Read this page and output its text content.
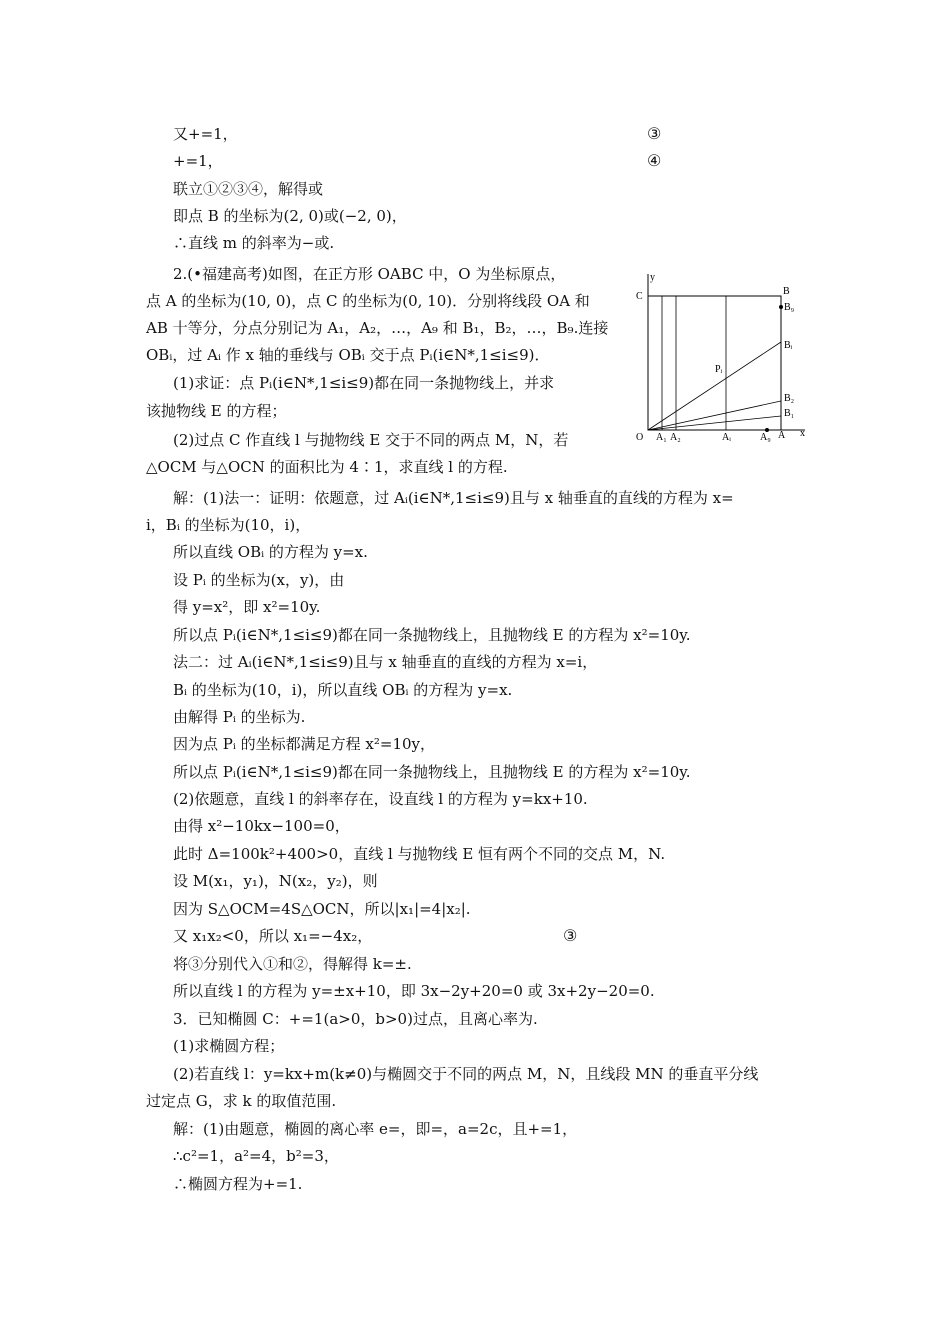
又+=1，	③
+=1，	④
联立①②③④，解得或
即点 B 的坐标为(2, 0)或(−2, 0)，
∴直线 m 的斜率为−或.
2.(•福建高考)如图，在正方形 OABC 中，O 为坐标原点，
点 A 的坐标为(10, 0)，点 C 的坐标为(0, 10)．分别将线段 OA 和
AB 十等分，分点分别记为 A₁，A₂，…，A₉ 和 B₁，B₂，…，B₉.连接
OBᵢ，过 Aᵢ 作 x 轴的垂线与 OBᵢ 交于点 Pᵢ(i∈N*,1≤i≤9)．
(1)求证：点 Pᵢ(i∈N*,1≤i≤9)都在同一条抛物线上，并求
该抛物线 E 的方程；
(2)过点 C 作直线 l 与抛物线 E 交于不同的两点 M，N，若
△OCM 与△OCN 的面积比为 4∶1，求直线 l 的方程.
y
x
C	B
B₉
Bᵢ
Pᵢ
B₂
B₁
O A₁ A₂	Aᵢ	A₉ A
解：(1)法一：证明：依题意，过 Aᵢ(i∈N*,1≤i≤9)且与 x 轴垂直的直线的方程为 x=
i，Bᵢ 的坐标为(10，i)，
所以直线 OBᵢ 的方程为 y=x.
设 Pᵢ 的坐标为(x，y)，由
得 y=x²，即 x²=10y.
所以点 Pᵢ(i∈N*,1≤i≤9)都在同一条抛物线上，且抛物线 E 的方程为 x²=10y.
法二：过 Aᵢ(i∈N*,1≤i≤9)且与 x 轴垂直的直线的方程为 x=i，
Bᵢ 的坐标为(10，i)，所以直线 OBᵢ 的方程为 y=x.
由解得 Pᵢ 的坐标为.
因为点 Pᵢ 的坐标都满足方程 x²=10y，
所以点 Pᵢ(i∈N*,1≤i≤9)都在同一条抛物线上，且抛物线 E 的方程为 x²=10y.
(2)依题意，直线 l 的斜率存在，设直线 l 的方程为 y=kx+10.
由得 x²−10kx−100=0，
此时 Δ=100k²+400>0，直线 l 与抛物线 E 恒有两个不同的交点 M，N.
设 M(x₁，y₁)，N(x₂，y₂)，则
因为 S△OCM=4S△OCN，所以|x₁|=4|x₂|.
又 x₁x₂<0，所以 x₁=−4x₂，	③
将③分别代入①和②，得解得 k=±.
所以直线 l 的方程为 y=±x+10，即 3x−2y+20=0 或 3x+2y−20=0.
3．已知椭圆 C：+=1(a>0，b>0)过点，且离心率为.
(1)求椭圆方程；
(2)若直线 l：y=kx+m(k≠0)与椭圆交于不同的两点 M，N，且线段 MN 的垂直平分线
过定点 G，求 k 的取值范围.
解：(1)由题意，椭圆的离心率 e=，即=，a=2c，且+=1，
∴c²=1，a²=4，b²=3，
∴椭圆方程为+=1.
